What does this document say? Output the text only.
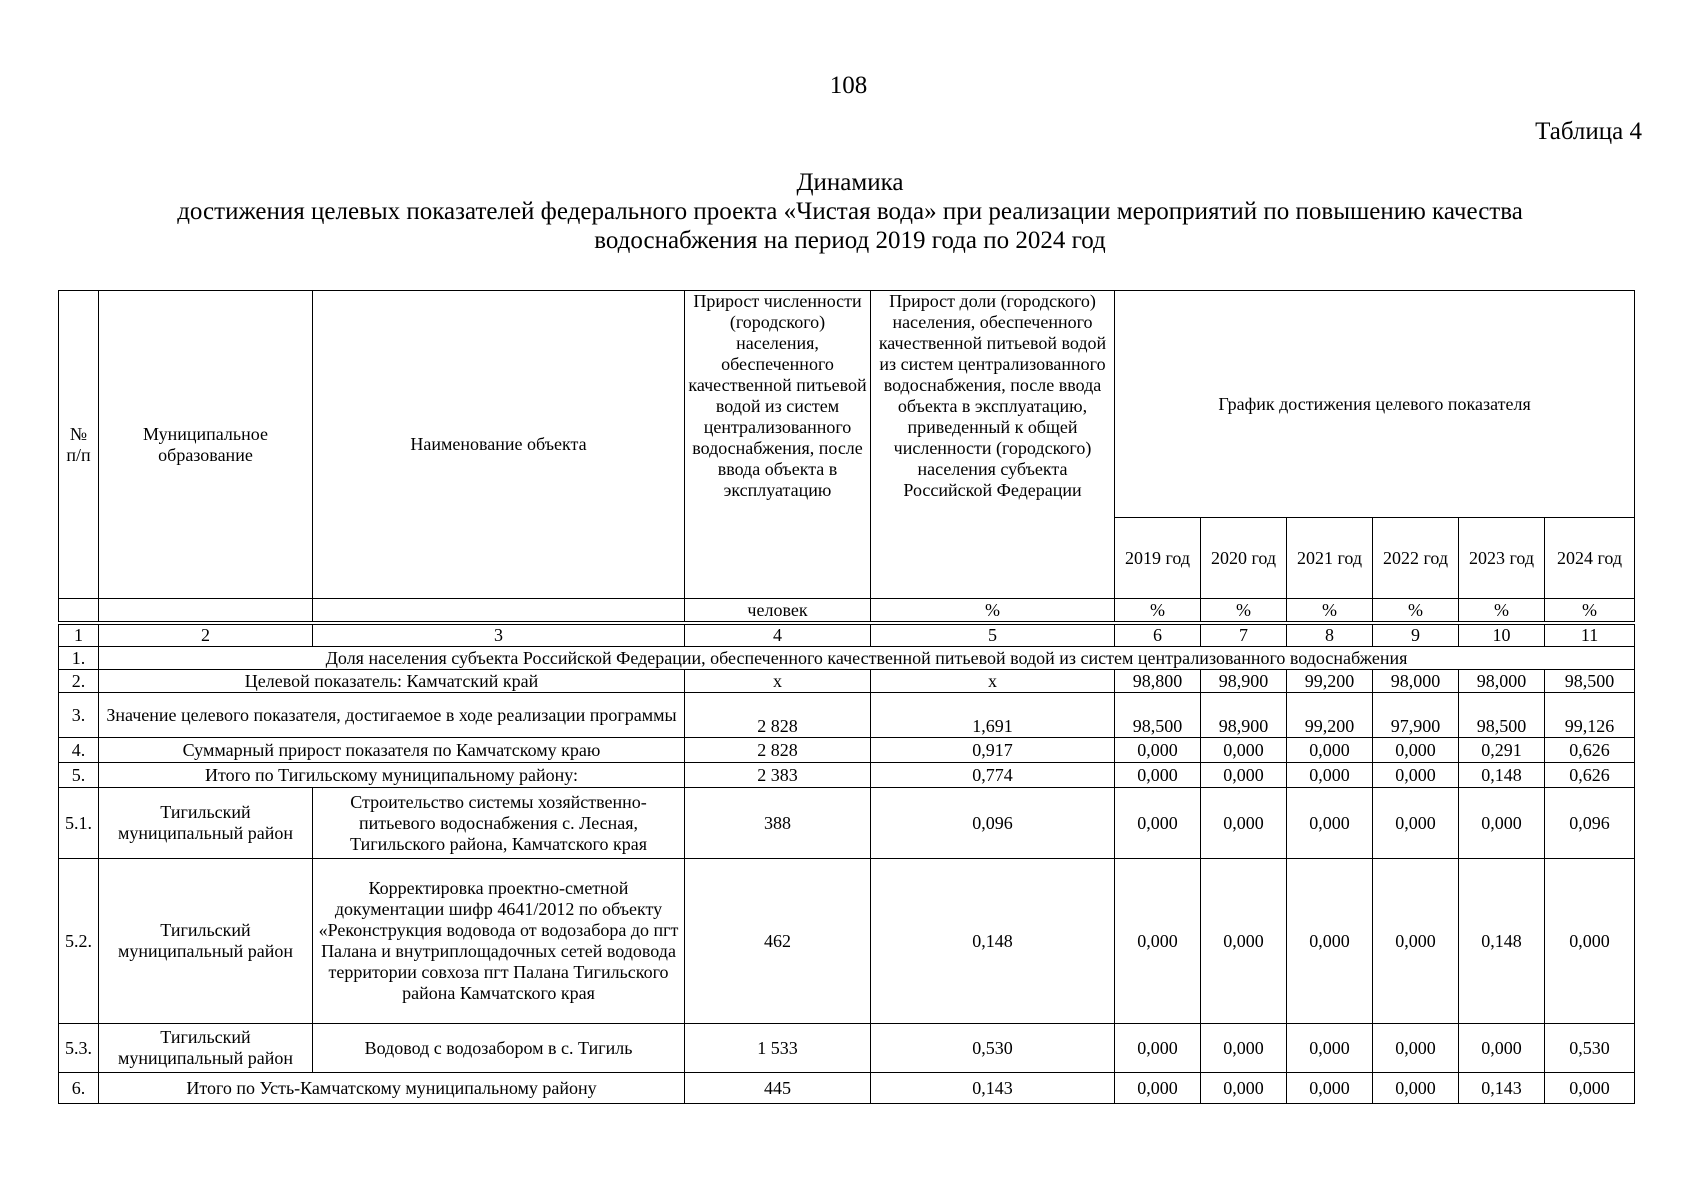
108
Таблица 4
Динамика
достижения целевых показателей федерального проекта «Чистая вода» при реализации мероприятий по повышению качества
водоснабжения на период 2019 года по 2024 год
№ п/п	Муниципальное образование	Наименование объекта	Прирост численности (городского) населения, обеспеченного качественной питьевой водой из систем централизованного водоснабжения, после ввода объекта в эксплуатацию	Прирост доли (городского) населения, обеспеченного качественной питьевой водой из систем централизованного водоснабжения, после ввода объекта в эксплуатацию, приведенный к общей численности (городского) населения субъекта Российской Федерации	График достижения целевого показателя					
					2019 год	2020 год	2021 год	2022 год	2023 год	2024 год
			человек	%	%	%	%	%	%	%

1	2	3	4	5	6	7	8	9	10	11
1.	Доля населения субъекта Российской Федерации, обеспеченного качественной питьевой водой из систем централизованного водоснабжения									
2.	Целевой показатель: Камчатский край		х	х	98,800	98,900	99,200	98,000	98,000	98,500
3.	Значение целевого показателя, достигаемое в ходе реализации программы		2 828	1,691	98,500	98,900	99,200	97,900	98,500	99,126
4.	Суммарный прирост показателя по Камчатскому краю		2 828	0,917	0,000	0,000	0,000	0,000	0,291	0,626
5.	Итого по Тигильскому муниципальному району:		2 383	0,774	0,000	0,000	0,000	0,000	0,148	0,626
5.1.	Тигильский муниципальный район	Строительство системы хозяйственно-питьевого водоснабжения с. Лесная, Тигильского района, Камчатского края	388	0,096	0,000	0,000	0,000	0,000	0,000	0,096
5.2.	Тигильский муниципальный район	Корректировка проектно-сметной документации шифр 4641/2012 по объекту «Реконструкция водовода от водозабора до пгт Палана и внутриплощадочных сетей водовода территории совхоза пгт Палана Тигильского района Камчатского края	462	0,148	0,000	0,000	0,000	0,000	0,148	0,000
5.3.	Тигильский муниципальный район	Водовод с водозабором в с. Тигиль	1 533	0,530	0,000	0,000	0,000	0,000	0,000	0,530
6.	Итого по Усть-Камчатскому муниципальному району		445	0,143	0,000	0,000	0,000	0,000	0,143	0,000
